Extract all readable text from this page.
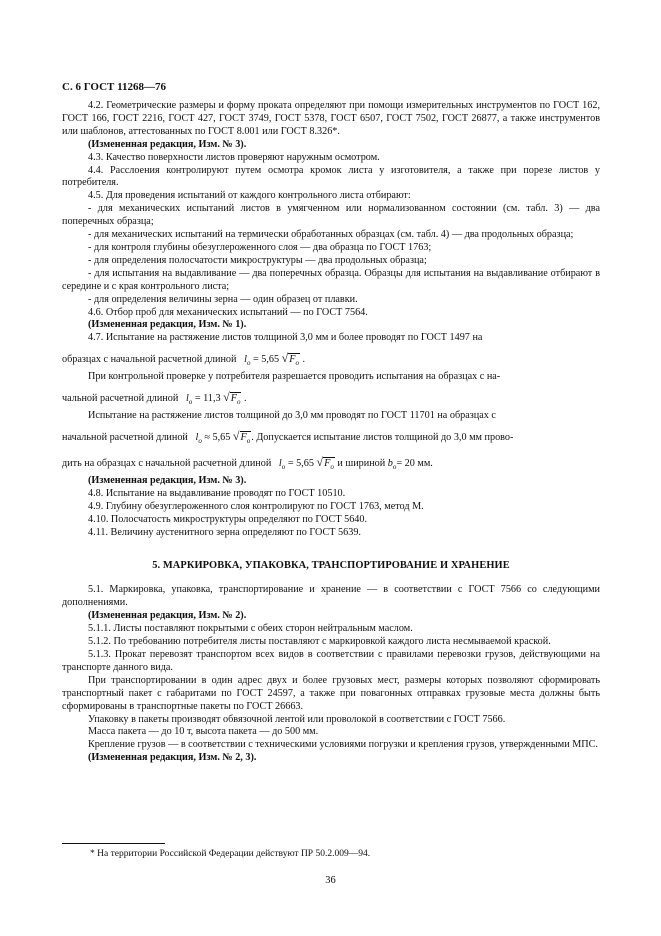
С. 6 ГОСТ 11268—76

4.2. Геометрические размеры и форму проката определяют при помощи измерительных инструментов по ГОСТ 162, ГОСТ 166, ГОСТ 2216, ГОСТ 427, ГОСТ 3749, ГОСТ 5378, ГОСТ 6507, ГОСТ 7502, ГОСТ 26877, а также инструментов или шаблонов, аттестованных по ГОСТ 8.001 или ГОСТ 8.326*.

(Измененная редакция, Изм. № 3).

4.3. Качество поверхности листов проверяют наружным осмотром.

4.4. Расслоения контролируют путем осмотра кромок листа у изготовителя, а также при порезе листов у потребителя.

4.5. Для проведения испытаний от каждого контрольного листа отбирают:

- для механических испытаний листов в умягченном или нормализованном состоянии (см. табл. 3) — два поперечных образца;

- для механических испытаний на термически обработанных образцах (см. табл. 4) — два продольных образца;

- для контроля глубины обезуглероженного слоя — два образца по ГОСТ 1763;

- для определения полосчатости микроструктуры — два продольных образца;

- для испытания на выдавливание — два поперечных образца. Образцы для испытания на выдавливание отбирают в середине и с края контрольного листа;

- для определения величины зерна — один образец от плавки.

4.6. Отбор проб для механических испытаний — по ГОСТ 7564.

(Измененная редакция, Изм. № 1).

4.7. Испытание на растяжение листов толщиной 3,0 мм и более проводят по ГОСТ 1497 на

образцах с начальной расчетной длиной $l_о = 5,65$ $√F_о$ .

При контрольной проверке у потребителя разрешается проводить испытания на образцах с на-

чальной расчетной длиной $l_о = 11,3$ $√F_о$ .

Испытание на растяжение листов толщиной до 3,0 мм проводят по ГОСТ 11701 на образцах с

начальной расчетной длиной $l_о \approx 5,65$ $√F_о$. Допускается испытание листов толщиной до 3,0 мм прово-

дить на образцах с начальной расчетной длиной $l_о = 5,65$ $√F_о$ и шириной $b_о= 20$ мм.

(Измененная редакция, Изм. № 3).

4.8. Испытание на выдавливание проводят по ГОСТ 10510.

4.9. Глубину обезуглероженного слоя контролируют по ГОСТ 1763, метод М.

4.10. Полосчатость микроструктуры определяют по ГОСТ 5640.

4.11. Величину аустенитного зерна определяют по ГОСТ 5639.

5. МАРКИРОВКА, УПАКОВКА, ТРАНСПОРТИРОВАНИЕ И ХРАНЕНИЕ

5.1. Маркировка, упаковка, транспортирование и хранение — в соответствии с ГОСТ 7566 со следующими дополнениями.

(Измененная редакция, Изм. № 2).

5.1.1. Листы поставляют покрытыми с обеих сторон нейтральным маслом.

5.1.2. По требованию потребителя листы поставляют с маркировкой каждого листа несмываемой краской.

5.1.3. Прокат перевозят транспортом всех видов в соответствии с правилами перевозки грузов, действующими на транспорте данного вида.

При транспортировании в один адрес двух и более грузовых мест, размеры которых позволяют сформировать транспортный пакет с габаритами по ГОСТ 24597, а также при повагонных отправках грузовые места должны быть сформированы в транспортные пакеты по ГОСТ 26663.

Упаковку в пакеты производят обвязочной лентой или проволокой в соответствии с ГОСТ 7566.

Масса пакета — до 10 т, высота пакета — до 500 мм.

Крепление грузов — в соответствии с техническими условиями погрузки и крепления грузов, утвержденными МПС.

(Измененная редакция, Изм. № 2, 3).

* На территории Российской Федерации действуют ПР 50.2.009—94.
36
